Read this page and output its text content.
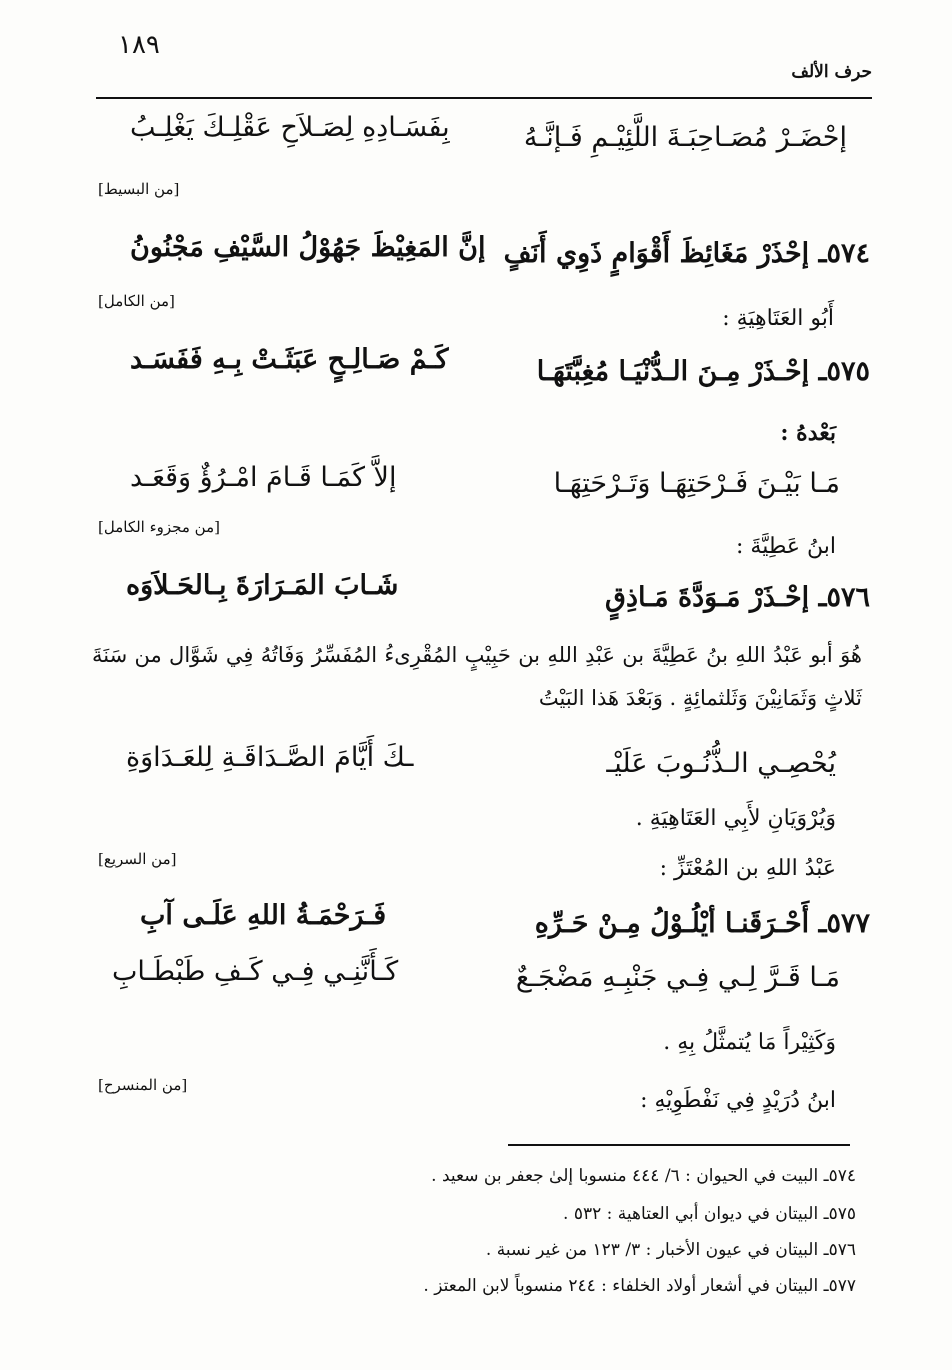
١٨٩
حرف الألف
إحْضَـرْ مُصَـاحِبَـةَ اللَّئِيْـمِ فَـإنَّـهُ
بِفَسَـادِهِ لِصَـلاَحِ عَقْلِـكَ يَغْلِـبُ
[من البسيط]
٥٧٤ـ إحْذَرْ مَغَائِظَ أَقْوَامٍ ذَوِي أَنَفٍ
إنَّ المَغِيْظَ جَهُوْلُ السَّيْفِ مَجْنُونُ
[من الكامل]
أَبُو العَتَاهِيَةِ :
٥٧٥ـ إحْـذَرْ مِـنَ الـدُّنْيَـا مُغِبَّتَهَـا
كَـمْ صَـالِـحٍ عَبَثَـتْ بِـهِ فَفَسَـد
بَعْدهُ :
مَـا بَيْـنَ فَـرْحَتِهَـا وَتَـرْحَتِهَـا
إلاَّ كَمَـا قَـامَ امْـرُؤٌ وَقَعَـد
[من مجزوء الكامل]
ابنُ عَطِيَّةَ :
٥٧٦ـ إحْـذَرْ مَـوَدَّةَ مَـاذِقٍ
شَـابَ المَـرَارَةَ بِـالحَـلاَوَه
هُوَ أبو عَبْدُ اللهِ بنُ عَطِيَّةَ بن عَبْدِ اللهِ بن حَبِيْبٍ المُقْرِىءُ المُفَسِّرُ وَفَاتُهُ فِي شَوَّال من سَنَةَ ثَلاثٍ وَثَمَانِيْنَ وَثَلثمائِةٍ . وَبَعْدَ هَذا البَيْتُ
يُحْصِـي الـذُّنُـوبَ عَلَيْـ
ـكَ أَيَّامَ الصَّـدَاقَـةِ لِلعَـدَاوَةِ
وَيُرْوَيَانِ لأَبِي العَتَاهِيَةِ .
[من السريع]	عَبْدُ اللهِ بن المُعْتَزِّ :
٥٧٧ـ أَحْـرَقَنـا أيْلُـوْلُ مِـنْ حَـرِّهِ
فَـرَحْمَـةُ اللهِ عَلَـى آبِ
مَـا قَـرَّ لِـي فِـي جَنْبِـهِ مَضْجَـعٌ
كَـأَنَّنِـي فِـي كَـفِ طَبْطَـابِ
وَكَثِيْراً مَا يُتمثَّلُ بِهِ .
[من المنسرح]
ابنُ دُرَيْدٍ فِي نَفْطَوِيْهِ :
٥٧٤ـ البيت في الحيوان : ٦/ ٤٤٤ منسوبا إلىٰ جعفر بن سعيد .
٥٧٥ـ البيتان في ديوان أبي العتاهية : ٥٣٢ .
٥٧٦ـ البيتان في عيون الأخبار : ٣/ ١٢٣ من غير نسبة .
٥٧٧ـ البيتان في أشعار أولاد الخلفاء : ٢٤٤ منسوباً لابن المعتز .
